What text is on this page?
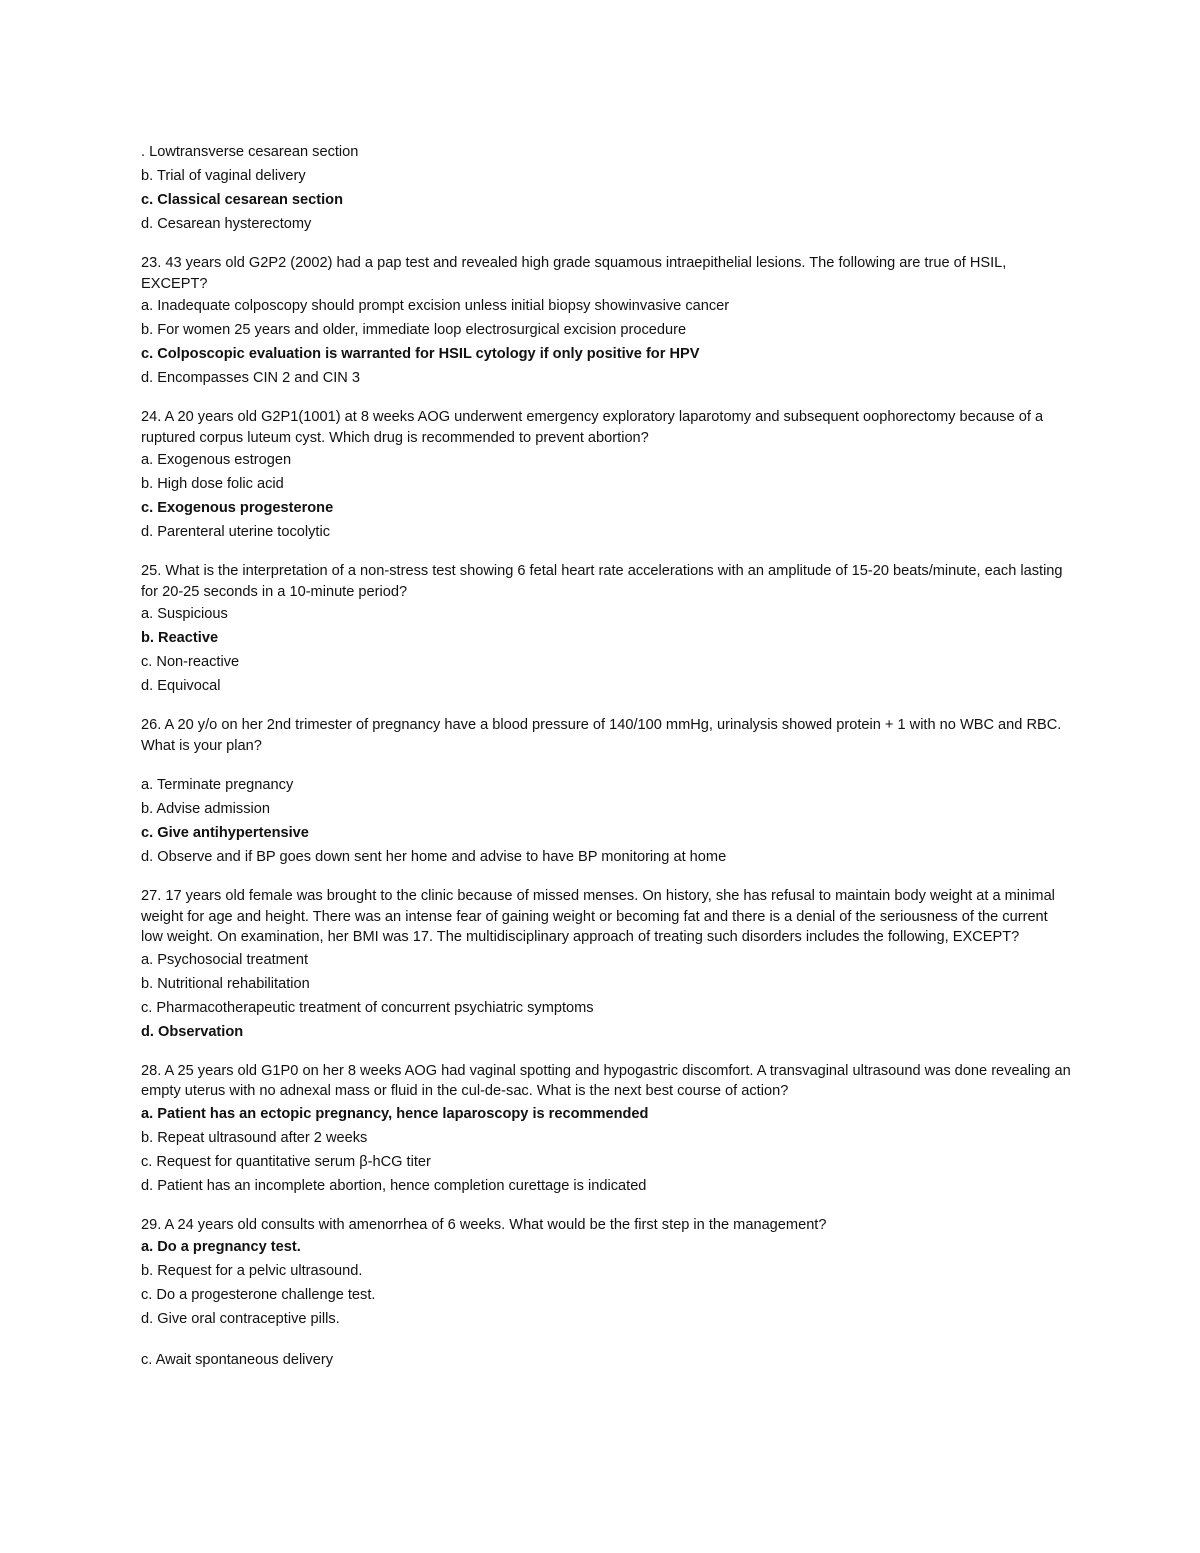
. Lowtransverse cesarean section
b. Trial of vaginal delivery
c. Classical cesarean section
d. Cesarean hysterectomy
23. 43 years old G2P2 (2002) had a pap test and revealed high grade squamous intraepithelial lesions. The following are true of HSIL, EXCEPT?
a. Inadequate colposcopy should prompt excision unless initial biopsy showinvasive cancer
b. For women 25 years and older, immediate loop electrosurgical excision procedure
c. Colposcopic evaluation is warranted for HSIL cytology if only positive for HPV
d. Encompasses CIN 2 and CIN 3
24. A 20 years old G2P1(1001) at 8 weeks AOG underwent emergency exploratory laparotomy and subsequent oophorectomy because of a ruptured corpus luteum cyst. Which drug is recommended to prevent abortion?
a. Exogenous estrogen
b. High dose folic acid
c. Exogenous progesterone
d. Parenteral uterine tocolytic
25. What is the interpretation of a non-stress test showing 6 fetal heart rate accelerations with an amplitude of 15-20 beats/minute, each lasting for 20-25 seconds in a 10-minute period?
a. Suspicious
b. Reactive
c. Non-reactive
d. Equivocal
26. A 20 y/o on her 2nd trimester of pregnancy have a blood pressure of 140/100 mmHg, urinalysis showed protein + 1 with no WBC and RBC. What is your plan?
a. Terminate pregnancy
b. Advise admission
c. Give antihypertensive
d. Observe and if BP goes down sent her home and advise to have BP monitoring at home
27. 17 years old female was brought to the clinic because of missed menses. On history, she has refusal to maintain body weight at a minimal weight for age and height. There was an intense fear of gaining weight or becoming fat and there is a denial of the seriousness of the current low weight. On examination, her BMI was 17. The multidisciplinary approach of treating such disorders includes the following, EXCEPT?
a. Psychosocial treatment
b. Nutritional rehabilitation
c. Pharmacotherapeutic treatment of concurrent psychiatric symptoms
d. Observation
28. A 25 years old G1P0 on her 8 weeks AOG had vaginal spotting and hypogastric discomfort. A transvaginal ultrasound was done revealing an empty uterus with no adnexal mass or fluid in the cul-de-sac. What is the next best course of action?
a. Patient has an ectopic pregnancy, hence laparoscopy is recommended
b. Repeat ultrasound after 2 weeks
c. Request for quantitative serum β-hCG titer
d. Patient has an incomplete abortion, hence completion curettage is indicated
29. A 24 years old consults with amenorrhea of 6 weeks. What would be the first step in the management?
a. Do a pregnancy test.
b. Request for a pelvic ultrasound.
c. Do a progesterone challenge test.
d. Give oral contraceptive pills.
c. Await spontaneous delivery
